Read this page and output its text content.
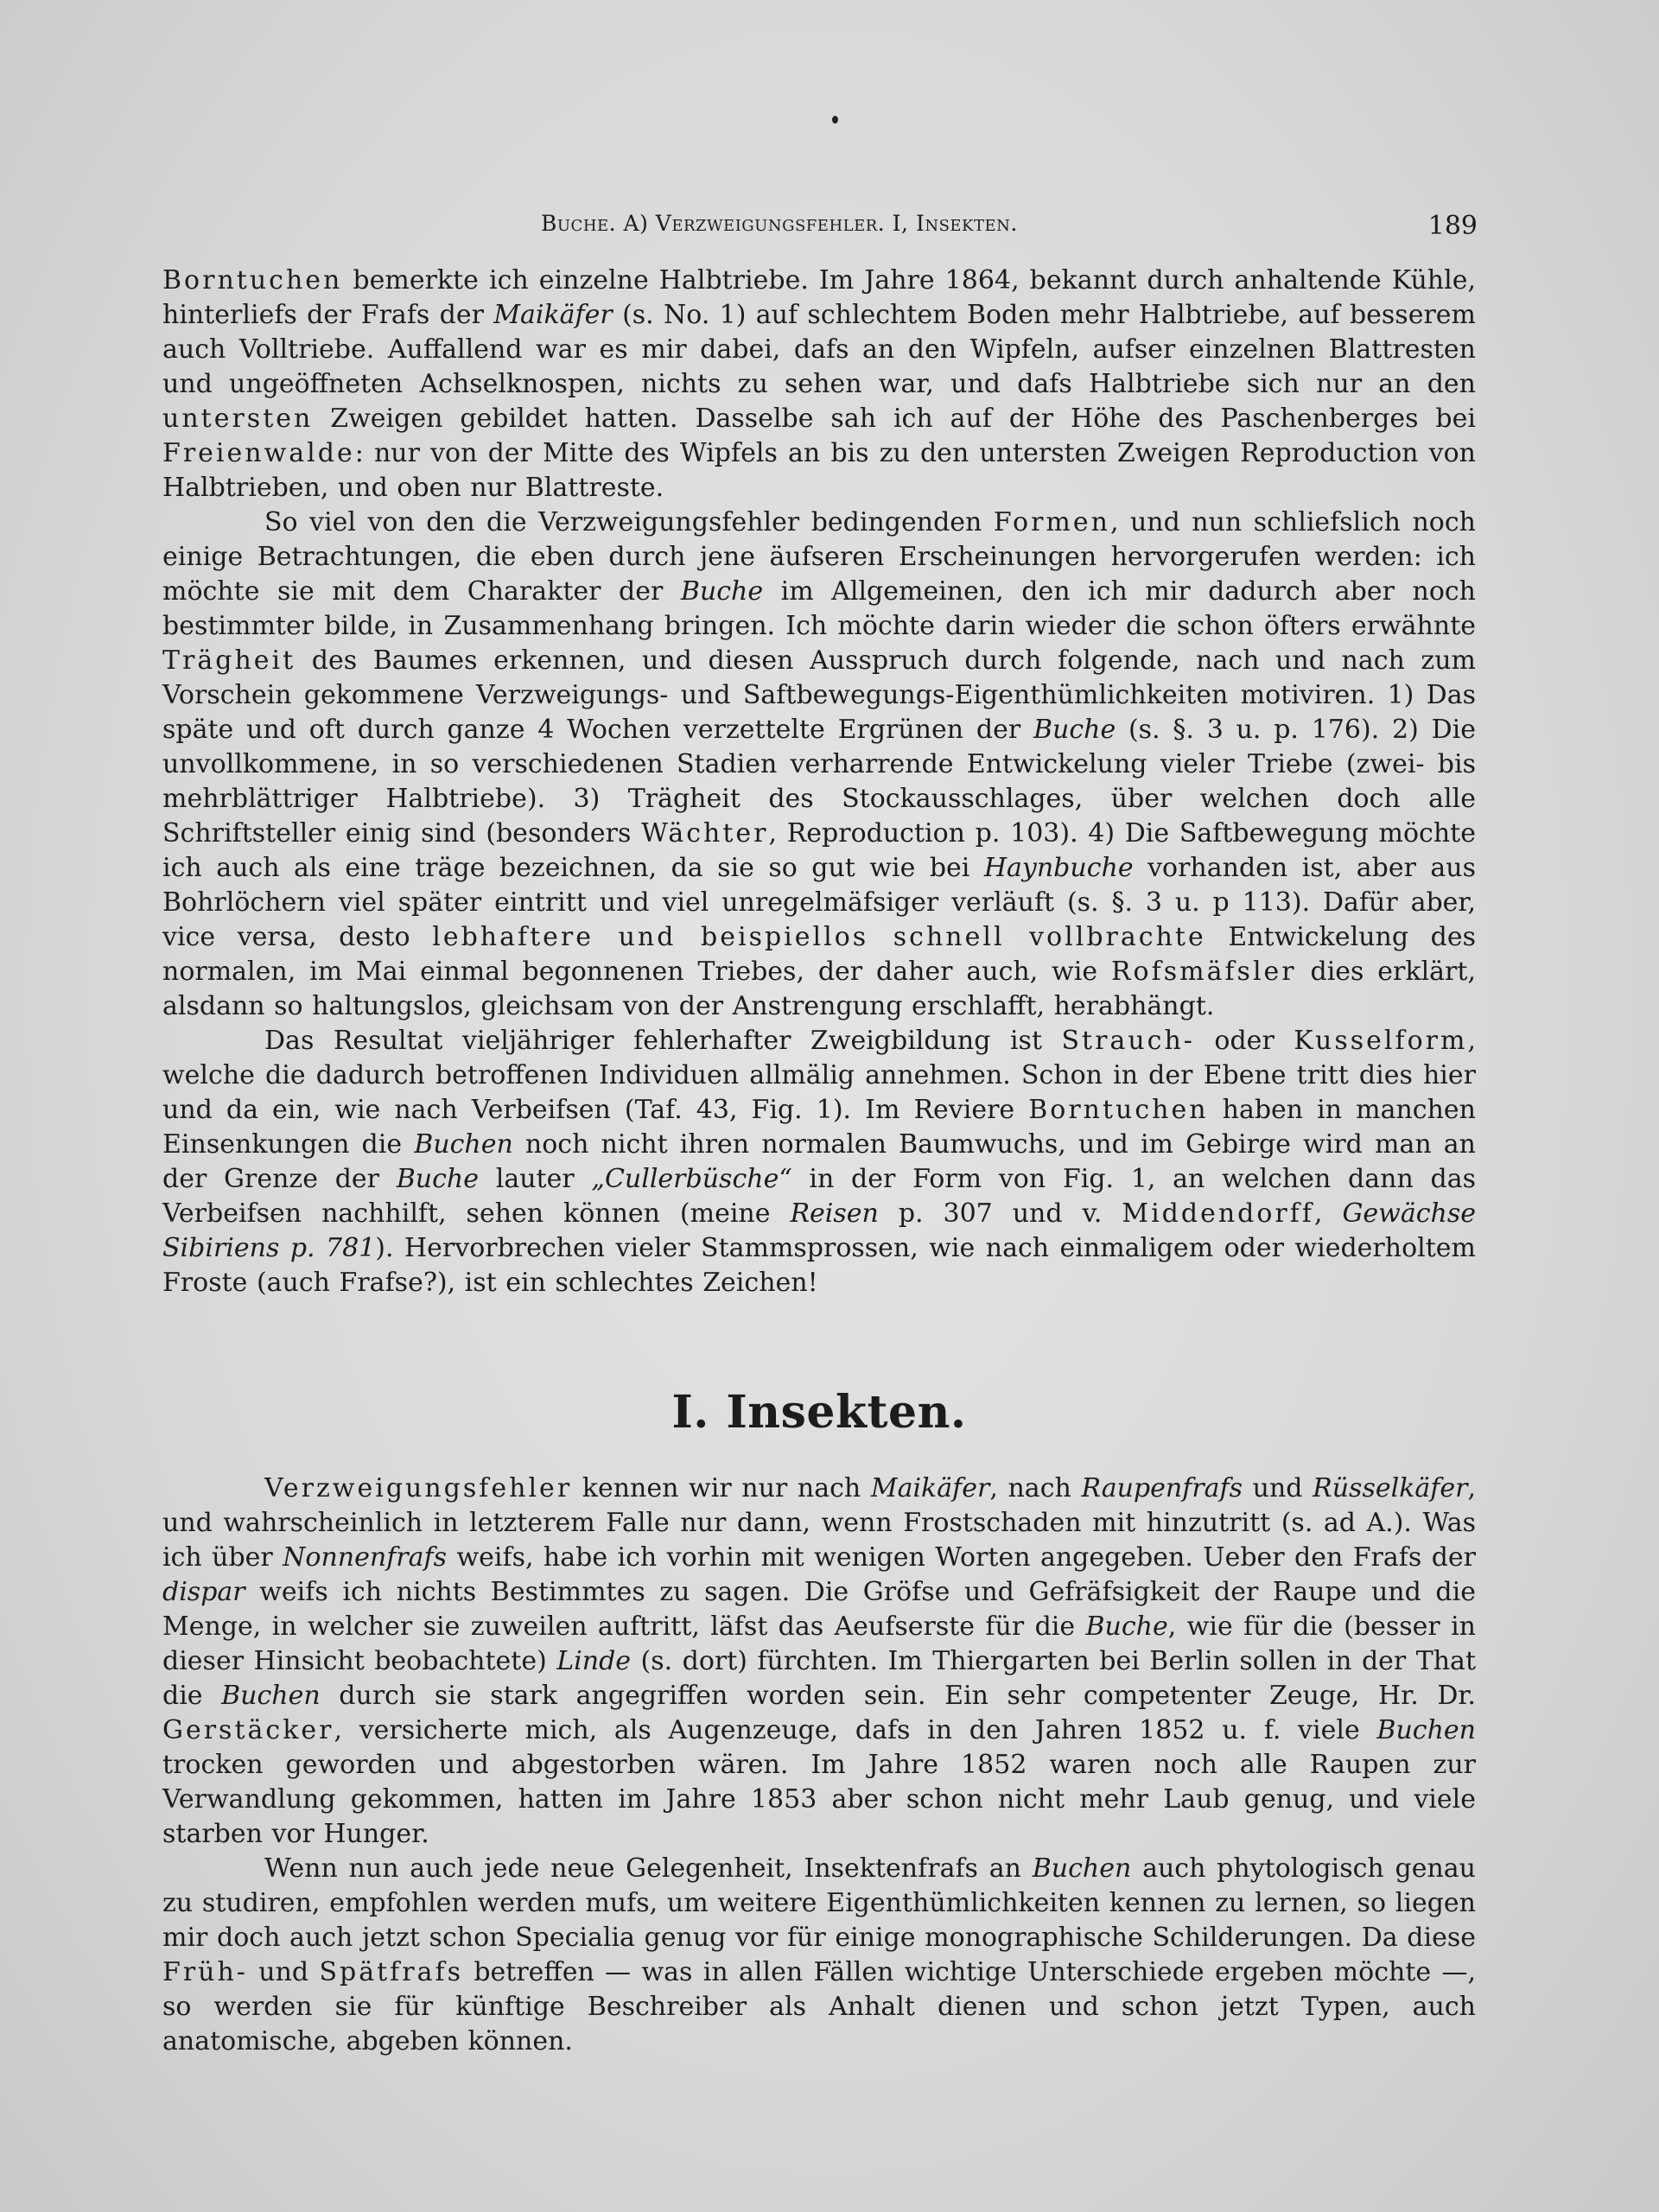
Buche. A) Verzweigungsfehler. I, Insekten.	189

Borntuchen bemerkte ich einzelne Halbtriebe. Im Jahre 1864, bekannt durch anhaltende Kühle, hinterliefs der Frafs der Maikäfer (s. No. 1) auf schlechtem Boden mehr Halbtriebe, auf besserem auch Volltriebe. Auffallend war es mir dabei, dafs an den Wipfeln, aufser einzelnen Blattresten und ungeöffneten Achselknospen, nichts zu sehen war, und dafs Halbtriebe sich nur an den untersten Zweigen gebildet hatten. Dasselbe sah ich auf der Höhe des Paschenberges bei Freienwalde: nur von der Mitte des Wipfels an bis zu den untersten Zweigen Reproduction von Halbtrieben, und oben nur Blattreste.

So viel von den die Verzweigungsfehler bedingenden Formen, und nun schliefslich noch einige Betrachtungen, die eben durch jene äufseren Erscheinungen hervorgerufen werden: ich möchte sie mit dem Charakter der Buche im Allgemeinen, den ich mir dadurch aber noch bestimmter bilde, in Zusammenhang bringen. Ich möchte darin wieder die schon öfters erwähnte Trägheit des Baumes erkennen, und diesen Ausspruch durch folgende, nach und nach zum Vorschein gekommene Verzweigungs- und Saftbewegungs-Eigenthümlichkeiten motiviren. 1) Das späte und oft durch ganze 4 Wochen verzettelte Ergrünen der Buche (s. §. 3 u. p. 176). 2) Die unvollkommene, in so verschiedenen Stadien verharrende Entwickelung vieler Triebe (zwei- bis mehrblättriger Halbtriebe). 3) Trägheit des Stockausschlages, über welchen doch alle Schriftsteller einig sind (besonders Wächter, Reproduction p. 103). 4) Die Saftbewegung möchte ich auch als eine träge bezeichnen, da sie so gut wie bei Haynbuche vorhanden ist, aber aus Bohrlöchern viel später eintritt und viel unregelmäfsiger verläuft (s. §. 3 u. p 113). Dafür aber, vice versa, desto lebhaftere und beispiellos schnell vollbrachte Entwickelung des normalen, im Mai einmal begonnenen Triebes, der daher auch, wie Rofsmäfsler dies erklärt, alsdann so haltungslos, gleichsam von der Anstrengung erschlafft, herabhängt.

Das Resultat vieljähriger fehlerhafter Zweigbildung ist Strauch- oder Kusselform, welche die dadurch betroffenen Individuen allmälig annehmen. Schon in der Ebene tritt dies hier und da ein, wie nach Verbeifsen (Taf. 43, Fig. 1). Im Reviere Borntuchen haben in manchen Einsenkungen die Buchen noch nicht ihren normalen Baumwuchs, und im Gebirge wird man an der Grenze der Buche lauter „Cullerbüsche“ in der Form von Fig. 1, an welchen dann das Verbeifsen nachhilft, sehen können (meine Reisen p. 307 und v. Middendorff, Gewächse Sibiriens p. 781). Hervorbrechen vieler Stammsprossen, wie nach einmaligem oder wiederholtem Froste (auch Frafse?), ist ein schlechtes Zeichen!

I. Insekten.

Verzweigungsfehler kennen wir nur nach Maikäfer, nach Raupenfrafs und Rüsselkäfer, und wahrscheinlich in letzterem Falle nur dann, wenn Frostschaden mit hinzutritt (s. ad A.). Was ich über Nonnenfrafs weifs, habe ich vorhin mit wenigen Worten angegeben. Ueber den Frafs der dispar weifs ich nichts Bestimmtes zu sagen. Die Gröfse und Gefräfsigkeit der Raupe und die Menge, in welcher sie zuweilen auftritt, läfst das Aeufserste für die Buche, wie für die (besser in dieser Hinsicht beobachtete) Linde (s. dort) fürchten. Im Thiergarten bei Berlin sollen in der That die Buchen durch sie stark angegriffen worden sein. Ein sehr competenter Zeuge, Hr. Dr. Gerstäcker, versicherte mich, als Augenzeuge, dafs in den Jahren 1852 u. f. viele Buchen trocken geworden und abgestorben wären. Im Jahre 1852 waren noch alle Raupen zur Verwandlung gekommen, hatten im Jahre 1853 aber schon nicht mehr Laub genug, und viele starben vor Hunger.

Wenn nun auch jede neue Gelegenheit, Insektenfrafs an Buchen auch phytologisch genau zu studiren, empfohlen werden mufs, um weitere Eigenthümlichkeiten kennen zu lernen, so liegen mir doch auch jetzt schon Specialia genug vor für einige monographische Schilderungen. Da diese Früh- und Spätfrafs betreffen — was in allen Fällen wichtige Unterschiede ergeben möchte —, so werden sie für künftige Beschreiber als Anhalt dienen und schon jetzt Typen, auch anatomische, abgeben können.
